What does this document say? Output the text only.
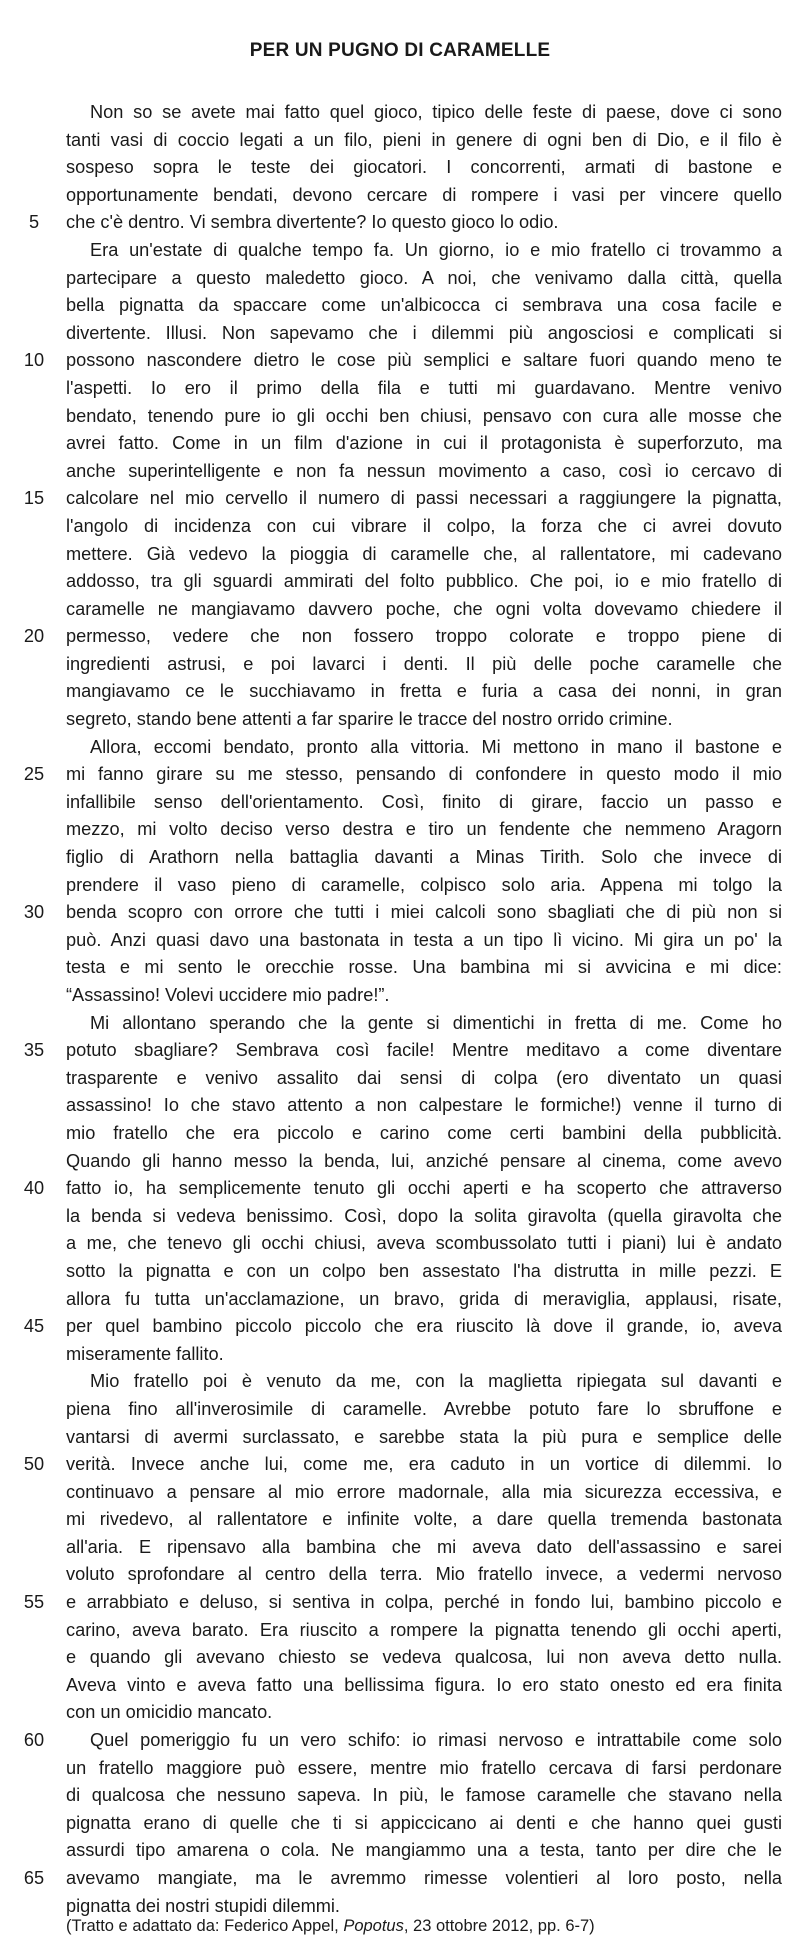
PER UN PUGNO DI CARAMELLE
5
10
15
20
25
30
35
40
45
50
55
60
65
Non so se avete mai fatto quel gioco, tipico delle feste di paese, dove ci sono
tanti vasi di coccio legati a un filo, pieni in genere di ogni ben di Dio, e il filo è
sospeso sopra le teste dei giocatori. I concorrenti, armati di bastone e
opportunamente bendati, devono cercare di rompere i vasi per vincere quello
che c'è dentro. Vi sembra divertente? Io questo gioco lo odio.
Era un'estate di qualche tempo fa. Un giorno, io e mio fratello ci trovammo a
partecipare a questo maledetto gioco. A noi, che venivamo dalla città, quella
bella pignatta da spaccare come un'albicocca ci sembrava una cosa facile e
divertente. Illusi. Non sapevamo che i dilemmi più angosciosi e complicati si
possono nascondere dietro le cose più semplici e saltare fuori quando meno te
l'aspetti. Io ero il primo della fila e tutti mi guardavano. Mentre venivo
bendato, tenendo pure io gli occhi ben chiusi, pensavo con cura alle mosse che
avrei fatto. Come in un film d'azione in cui il protagonista è superforzuto, ma
anche superintelligente e non fa nessun movimento a caso, così io cercavo di
calcolare nel mio cervello il numero di passi necessari a raggiungere la pignatta,
l'angolo di incidenza con cui vibrare il colpo, la forza che ci avrei dovuto
mettere. Già vedevo la pioggia di caramelle che, al rallentatore, mi cadevano
addosso, tra gli sguardi ammirati del folto pubblico. Che poi, io e mio fratello di
caramelle ne mangiavamo davvero poche, che ogni volta dovevamo chiedere il
permesso, vedere che non fossero troppo colorate e troppo piene di
ingredienti astrusi, e poi lavarci i denti. Il più delle poche caramelle che
mangiavamo ce le succhiavamo in fretta e furia a casa dei nonni, in gran
segreto, stando bene attenti a far sparire le tracce del nostro orrido crimine.
Allora, eccomi bendato, pronto alla vittoria. Mi mettono in mano il bastone e
mi fanno girare su me stesso, pensando di confondere in questo modo il mio
infallibile senso dell'orientamento. Così, finito di girare, faccio un passo e
mezzo, mi volto deciso verso destra e tiro un fendente che nemmeno Aragorn
figlio di Arathorn nella battaglia davanti a Minas Tirith. Solo che invece di
prendere il vaso pieno di caramelle, colpisco solo aria. Appena mi tolgo la
benda scopro con orrore che tutti i miei calcoli sono sbagliati che di più non si
può. Anzi quasi davo una bastonata in testa a un tipo lì vicino. Mi gira un po' la
testa e mi sento le orecchie rosse. Una bambina mi si avvicina e mi dice:
“Assassino! Volevi uccidere mio padre!”.
Mi allontano sperando che la gente si dimentichi in fretta di me. Come ho
potuto sbagliare? Sembrava così facile! Mentre meditavo a come diventare
trasparente e venivo assalito dai sensi di colpa (ero diventato un quasi
assassino! Io che stavo attento a non calpestare le formiche!) venne il turno di
mio fratello che era piccolo e carino come certi bambini della pubblicità.
Quando gli hanno messo la benda, lui, anziché pensare al cinema, come avevo
fatto io, ha semplicemente tenuto gli occhi aperti e ha scoperto che attraverso
la benda si vedeva benissimo. Così, dopo la solita giravolta (quella giravolta che
a me, che tenevo gli occhi chiusi, aveva scombussolato tutti i piani) lui è andato
sotto la pignatta e con un colpo ben assestato l'ha distrutta in mille pezzi. E
allora fu tutta un'acclamazione, un bravo, grida di meraviglia, applausi, risate,
per quel bambino piccolo piccolo che era riuscito là dove il grande, io, aveva
miseramente fallito.
Mio fratello poi è venuto da me, con la maglietta ripiegata sul davanti e
piena fino all'inverosimile di caramelle. Avrebbe potuto fare lo sbruffone e
vantarsi di avermi surclassato, e sarebbe stata la più pura e semplice delle
verità. Invece anche lui, come me, era caduto in un vortice di dilemmi. Io
continuavo a pensare al mio errore madornale, alla mia sicurezza eccessiva, e
mi rivedevo, al rallentatore e infinite volte, a dare quella tremenda bastonata
all'aria. E ripensavo alla bambina che mi aveva dato dell'assassino e sarei
voluto sprofondare al centro della terra. Mio fratello invece, a vedermi nervoso
e arrabbiato e deluso, si sentiva in colpa, perché in fondo lui, bambino piccolo e
carino, aveva barato. Era riuscito a rompere la pignatta tenendo gli occhi aperti,
e quando gli avevano chiesto se vedeva qualcosa, lui non aveva detto nulla.
Aveva vinto e aveva fatto una bellissima figura. Io ero stato onesto ed era finita
con un omicidio mancato.
Quel pomeriggio fu un vero schifo: io rimasi nervoso e intrattabile come solo
un fratello maggiore può essere, mentre mio fratello cercava di farsi perdonare
di qualcosa che nessuno sapeva. In più, le famose caramelle che stavano nella
pignatta erano di quelle che ti si appiccicano ai denti e che hanno quei gusti
assurdi tipo amarena o cola. Ne mangiammo una a testa, tanto per dire che le
avevamo mangiate, ma le avremmo rimesse volentieri al loro posto, nella
pignatta dei nostri stupidi dilemmi.
(Tratto e adattato da: Federico Appel, Popotus, 23 ottobre 2012, pp. 6-7)
